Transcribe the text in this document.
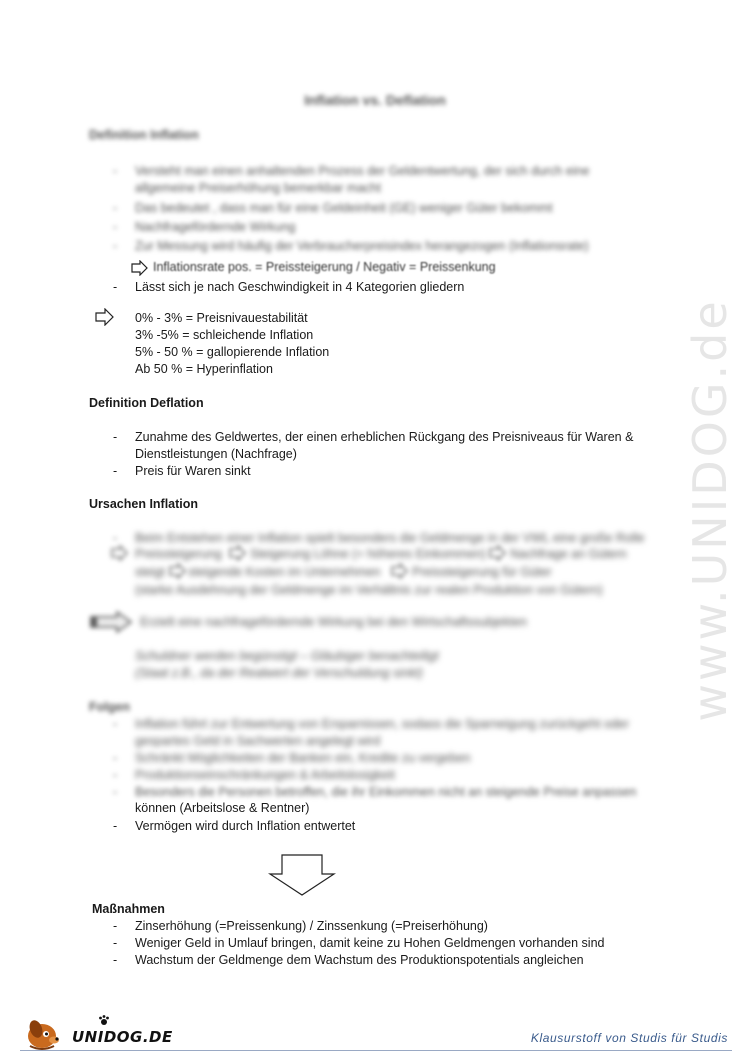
Inflation vs. Deflation
Definition Inflation
- Versteht man einen anhaltenden Prozess der Geldentwertung, der sich durch eine
allgemeine Preiserhöhung bemerkbar macht
- Das bedeutet , dass man für eine Geldeinheit (GE) weniger Güter bekommt
- Nachfragefördernde Wirkung
- Zur Messung wird häufig der Verbraucherpreisindex herangezogen (Inflationsrate)
Inflationsrate pos. = Preissteigerung / Negativ = Preissenkung
- Lässt sich je nach Geschwindigkeit in 4 Kategorien gliedern
0% - 3% = Preisnivauestabilität
3% -5% = schleichende Inflation
5% - 50 % = gallopierende Inflation
Ab 50 % = Hyperinflation
Definition Deflation
- Zunahme des Geldwertes, der einen erheblichen Rückgang des Preisniveaus für Waren &
Dienstleistungen (Nachfrage)
- Preis für Waren sinkt
Ursachen Inflation
- Beim Entstehen einer Inflation spielt besonders die Geldmenge in der VWL eine große Rolle
Preissteigerung Steigerung Löhne (= höheres Einkommen) Nachfrage an Gütern
steigt steigende Kosten im Unternehmen	Preissteigerung für Güter
(starke Ausdehnung der Geldmenge im Verhältnis zur realen Produktion von Gütern)
Erzielt eine nachfragefördernde Wirkung bei den Wirtschaftssubjekten
Schuldner werden begünstigt – Gläubiger benachteiligt
(Staat z.B., da der Realwert der Verschuldung sinkt)
Folgen
- Inflation führt zur Entwertung von Ersparnissen, sodass die Sparneigung zurückgeht oder
gespartes Geld in Sachwerten angelegt wird
- Schränkt Möglichkeiten der Banken ein, Kredite zu vergeben
- Produktionseinschränkungen & Arbeitslosigkeit
- Besonders die Personen betroffen, die ihr Einkommen nicht an steigende Preise anpassen
können (Arbeitslose & Rentner)
- Vermögen wird durch Inflation entwertet
Maßnahmen
- Zinserhöhung (=Preissenkung) / Zinssenkung (=Preiserhöhung)
- Weniger Geld in Umlauf bringen, damit keine zu Hohen Geldmengen vorhanden sind
- Wachstum der Geldmenge dem Wachstum des Produktionspotentials angleichen
www.UNIDOG.de
UNIDOG.DE	Klausurstoff von Studis für Studis
